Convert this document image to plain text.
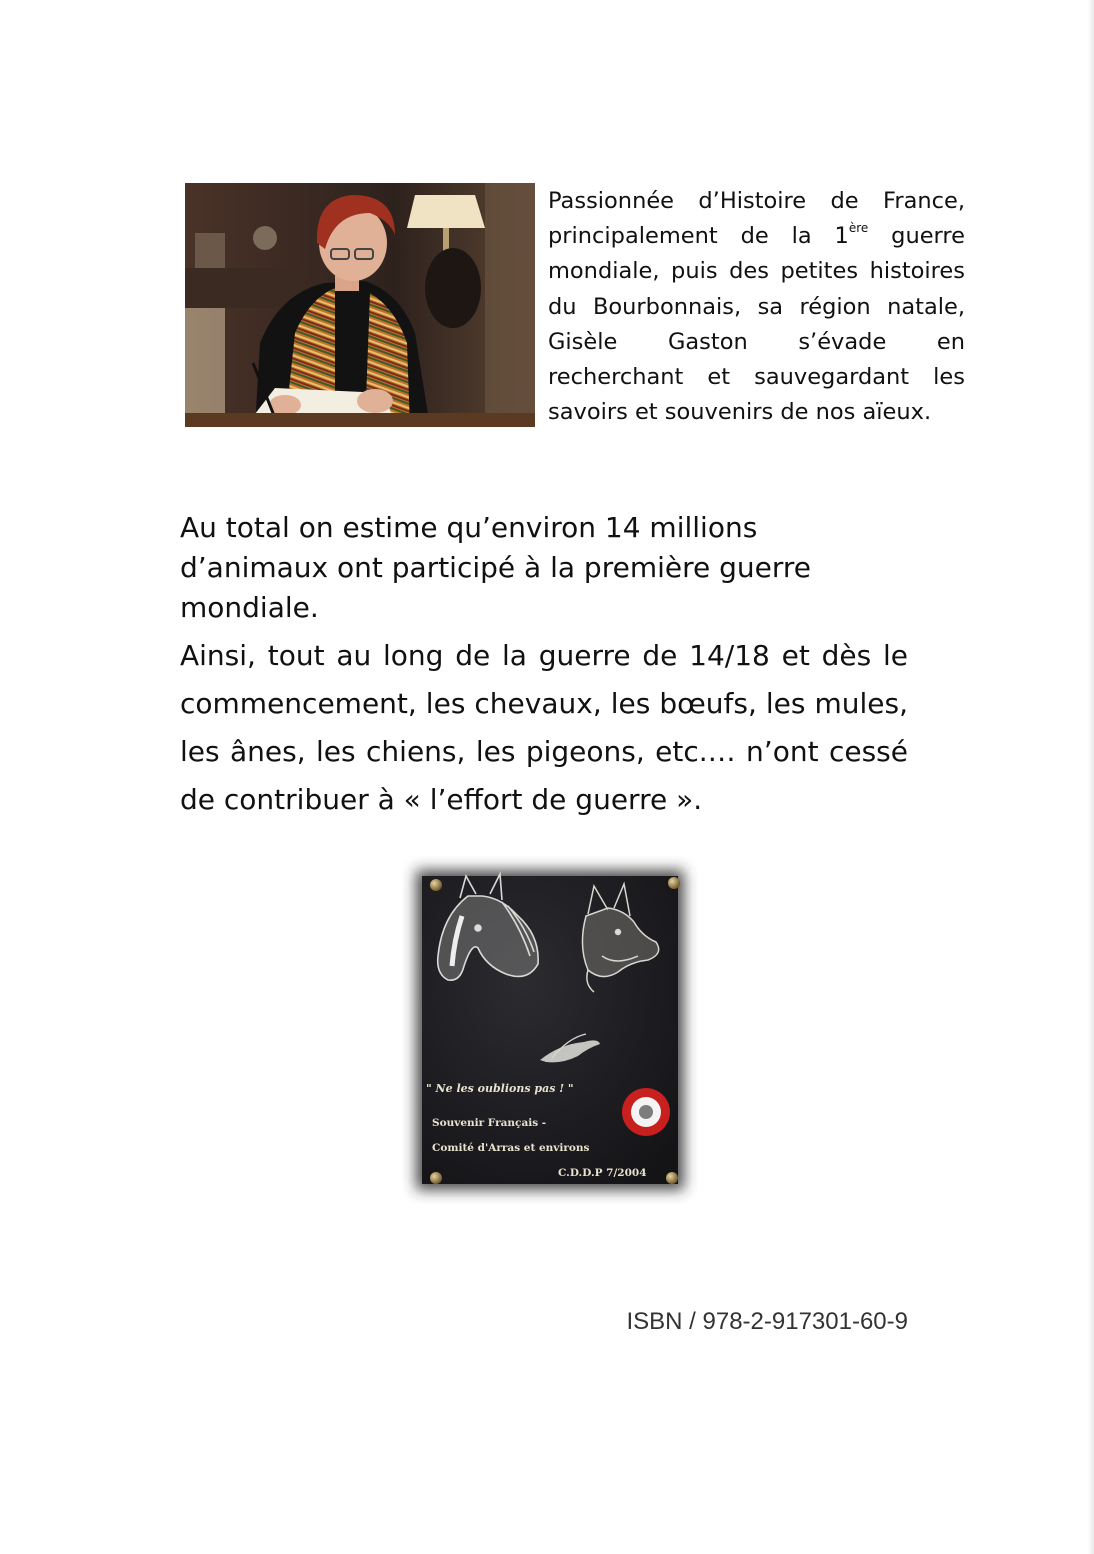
Passionnée d’Histoire de France, principalement de la 1ère guerre mondiale, puis des petites histoires du Bourbonnais, sa région natale, Gisèle Gaston s’évade en recherchant et sauvegardant les savoirs et souvenirs de nos aïeux.

Au total on estime qu’environ 14 millions d’animaux ont participé à la première guerre mondiale.

Ainsi, tout au long de la guerre de 14/18 et dès le commencement, les chevaux, les bœufs, les mules, les ânes, les chiens, les pigeons, etc.… n’ont cessé de contribuer à « l’effort de guerre ».

" Ne les oublions pas ! "
Souvenir Français -
Comité d'Arras et environs
C.D.D.P 7/2004

ISBN / 978-2-917301-60-9
